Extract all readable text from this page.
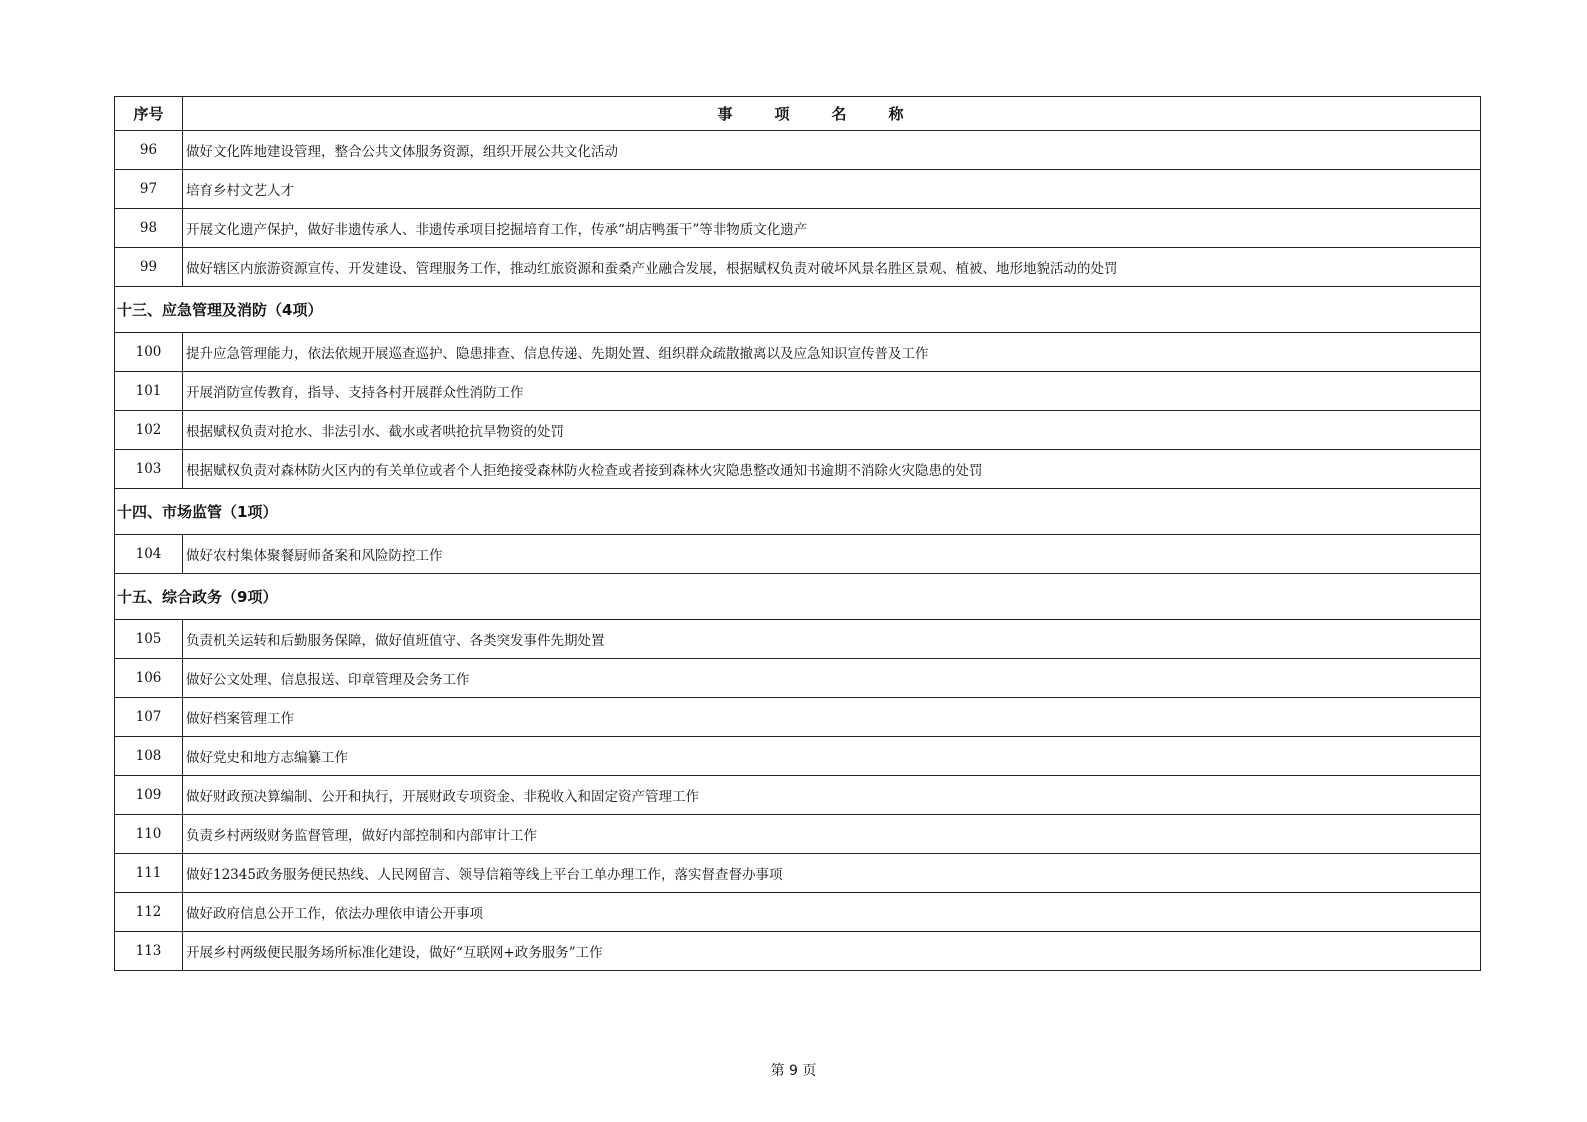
序号	事项名称
96	做好文化阵地建设管理，整合公共文体服务资源，组织开展公共文化活动
97	培育乡村文艺人才
98	开展文化遗产保护，做好非遗传承人、非遗传承项目挖掘培育工作，传承“胡店鸭蛋干”等非物质文化遗产
99	做好辖区内旅游资源宣传、开发建设、管理服务工作，推动红旅资源和蚕桑产业融合发展，根据赋权负责对破坏风景名胜区景观、植被、地形地貌活动的处罚
十三、应急管理及消防（4项）	
100	提升应急管理能力，依法依规开展巡查巡护、隐患排查、信息传递、先期处置、组织群众疏散撤离以及应急知识宣传普及工作
101	开展消防宣传教育，指导、支持各村开展群众性消防工作
102	根据赋权负责对抢水、非法引水、截水或者哄抢抗旱物资的处罚
103	根据赋权负责对森林防火区内的有关单位或者个人拒绝接受森林防火检查或者接到森林火灾隐患整改通知书逾期不消除火灾隐患的处罚
十四、市场监管（1项）	
104	做好农村集体聚餐厨师备案和风险防控工作
十五、综合政务（9项）	
105	负责机关运转和后勤服务保障，做好值班值守、各类突发事件先期处置
106	做好公文处理、信息报送、印章管理及会务工作
107	做好档案管理工作
108	做好党史和地方志编纂工作
109	做好财政预决算编制、公开和执行，开展财政专项资金、非税收入和固定资产管理工作
110	负责乡村两级财务监督管理，做好内部控制和内部审计工作
111	做好12345政务服务便民热线、人民网留言、领导信箱等线上平台工单办理工作，落实督查督办事项
112	做好政府信息公开工作，依法办理依申请公开事项
113	开展乡村两级便民服务场所标准化建设，做好“互联网+政务服务”工作
第 9 页
